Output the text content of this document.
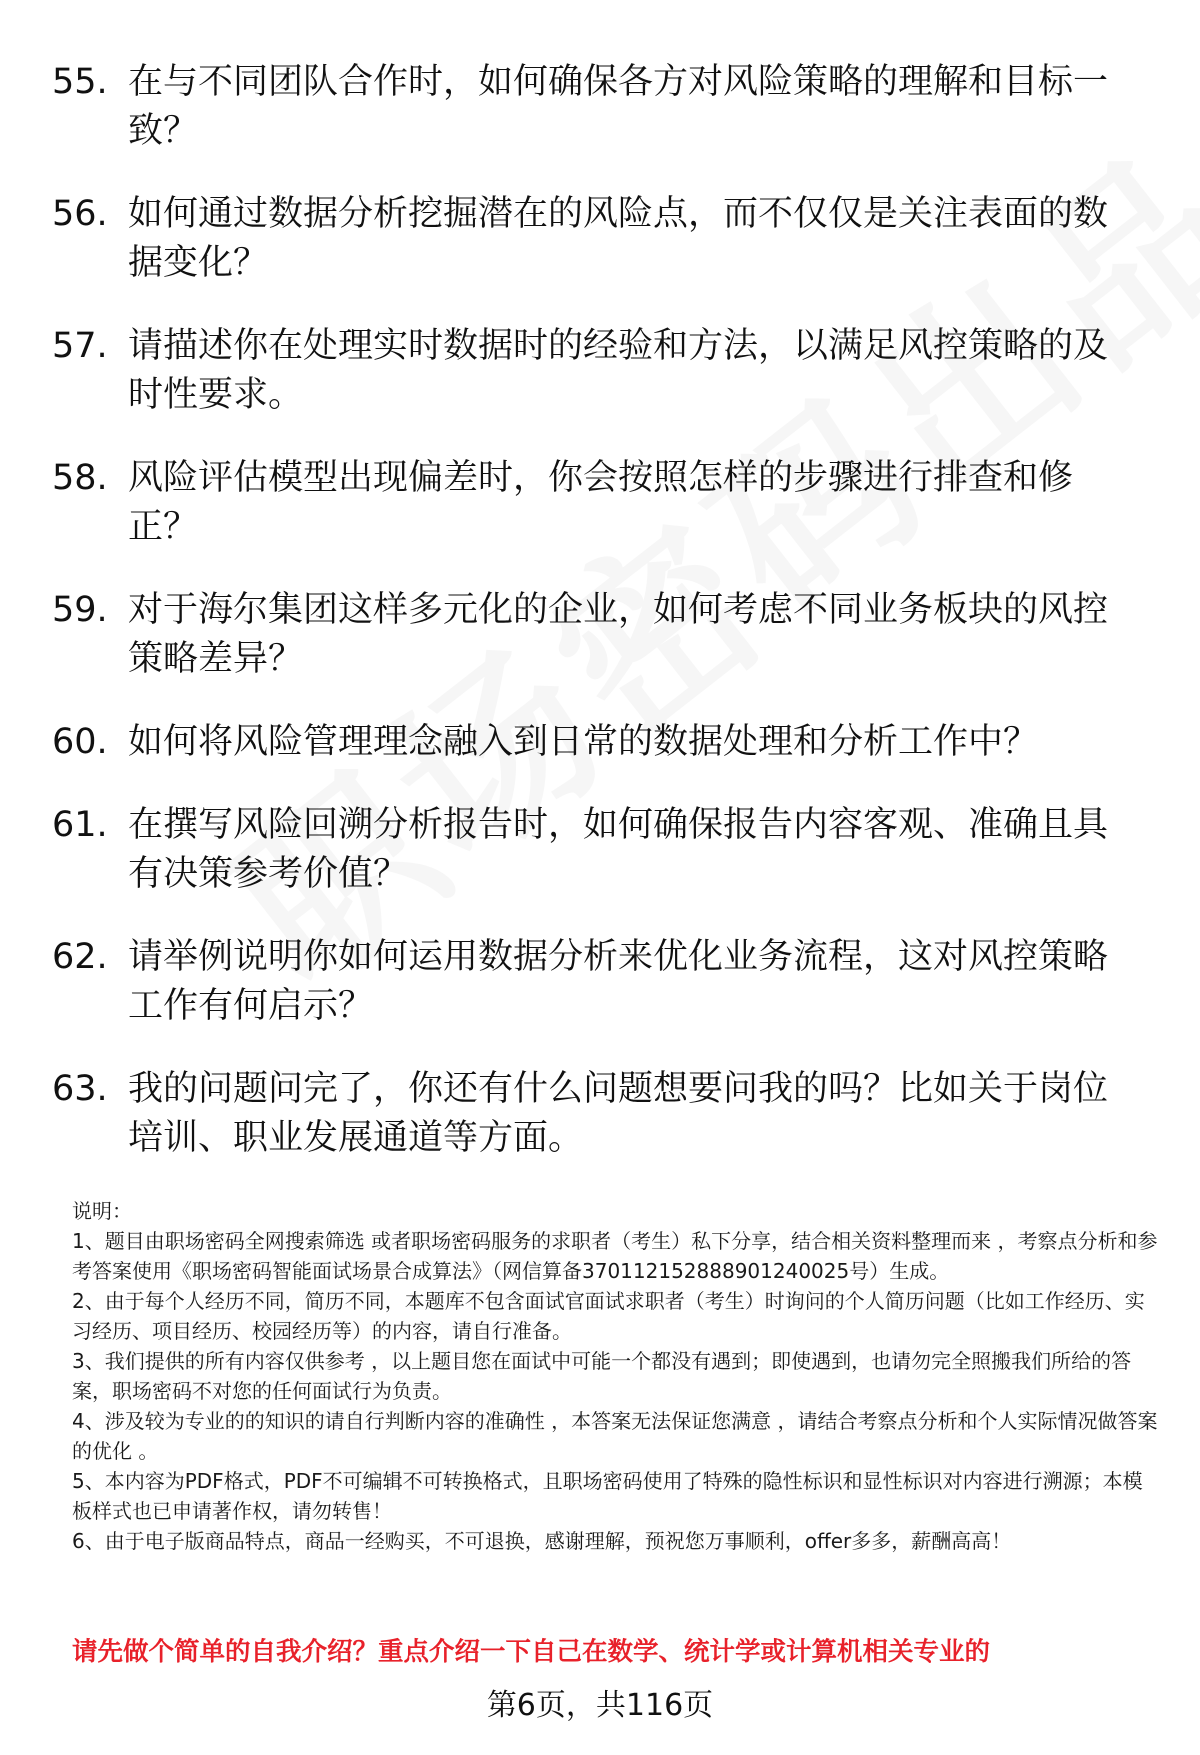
55. 在与不同团队合作时，如何确保各方对风险策略的理解和目标一致？
56. 如何通过数据分析挖掘潜在的风险点，而不仅仅是关注表面的数据变化？
57. 请描述你在处理实时数据时的经验和方法，以满足风控策略的及时性要求。
58. 风险评估模型出现偏差时，你会按照怎样的步骤进行排查和修正？
59. 对于海尔集团这样多元化的企业，如何考虑不同业务板块的风控策略差异？
60. 如何将风险管理理念融入到日常的数据处理和分析工作中？
61. 在撰写风险回溯分析报告时，如何确保报告内容客观、准确且具有决策参考价值？
62. 请举例说明你如何运用数据分析来优化业务流程，这对风控策略工作有何启示？
63. 我的问题问完了，你还有什么问题想要问我的吗？比如关于岗位培训、职业发展通道等方面。

说明：

1、题目由职场密码全网搜索筛选 或者职场密码服务的求职者（考生）私下分享，结合相关资料整理而来 ，考察点分析和参考答案使用《职场密码智能面试场景合成算法》（网信算备370112152888901240025号）生成。

2、由于每个人经历不同，简历不同，本题库不包含面试官面试求职者（考生）时询问的个人简历问题（比如工作经历、实习经历、项目经历、校园经历等）的内容，请自行准备。

3、我们提供的所有内容仅供参考 ，以上题目您在面试中可能一个都没有遇到；即使遇到，也请勿完全照搬我们所给的答案，职场密码不对您的任何面试行为负责。

4、涉及较为专业的的知识的请自行判断内容的准确性 ，本答案无法保证您满意 ，请结合考察点分析和个人实际情况做答案的优化 。

5、本内容为PDF格式，PDF不可编辑不可转换格式，且职场密码使用了特殊的隐性标识和显性标识对内容进行溯源；本模板样式也已申请著作权，请勿转售！

6、由于电子版商品特点，商品一经购买，不可退换，感谢理解，预祝您万事顺利，offer多多，薪酬高高！

请先做个简单的自我介绍？重点介绍一下自己在数学、统计学或计算机相关专业的
第6页，共116页
